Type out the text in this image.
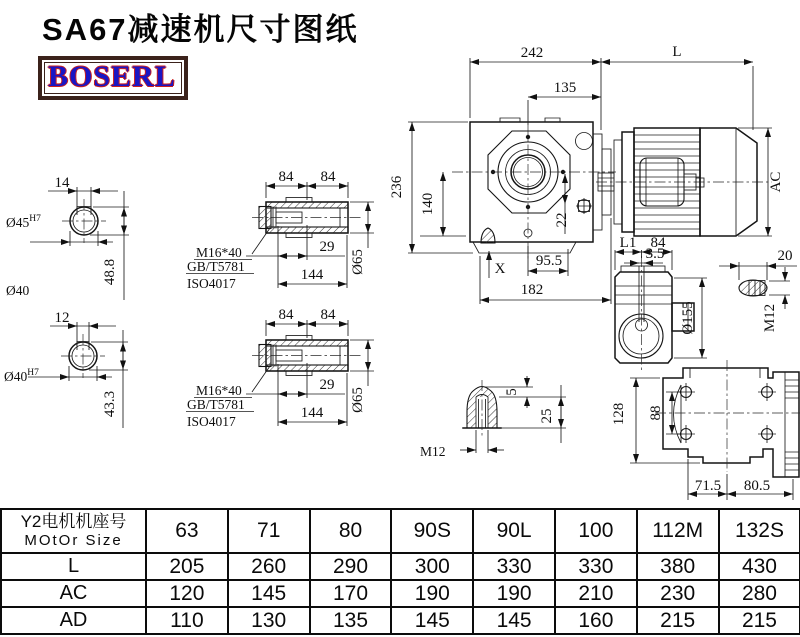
SA67减速机尺寸图纸
BOSERL
14
$Ø45^{H7}$
48.8
Ø40
12
$Ø40^{H7}$
43.3
84 84
29
144
Ø65
M16*40
GB/T5781
ISO4017
242	L
135
236
140
22
95.5
182
X
AC
L1 84
3.5
Ø155
20
M12
5
25
M12
128 88
71.5 80.5
Y2电机机座号
MOtOr Size	63	71	80	90S	90L	100	112M	132S
L	205	260	290	300	330	330	380	430
AC	120	145	170	190	190	210	230	280
AD	110	130	135	145	145	160	215	215
